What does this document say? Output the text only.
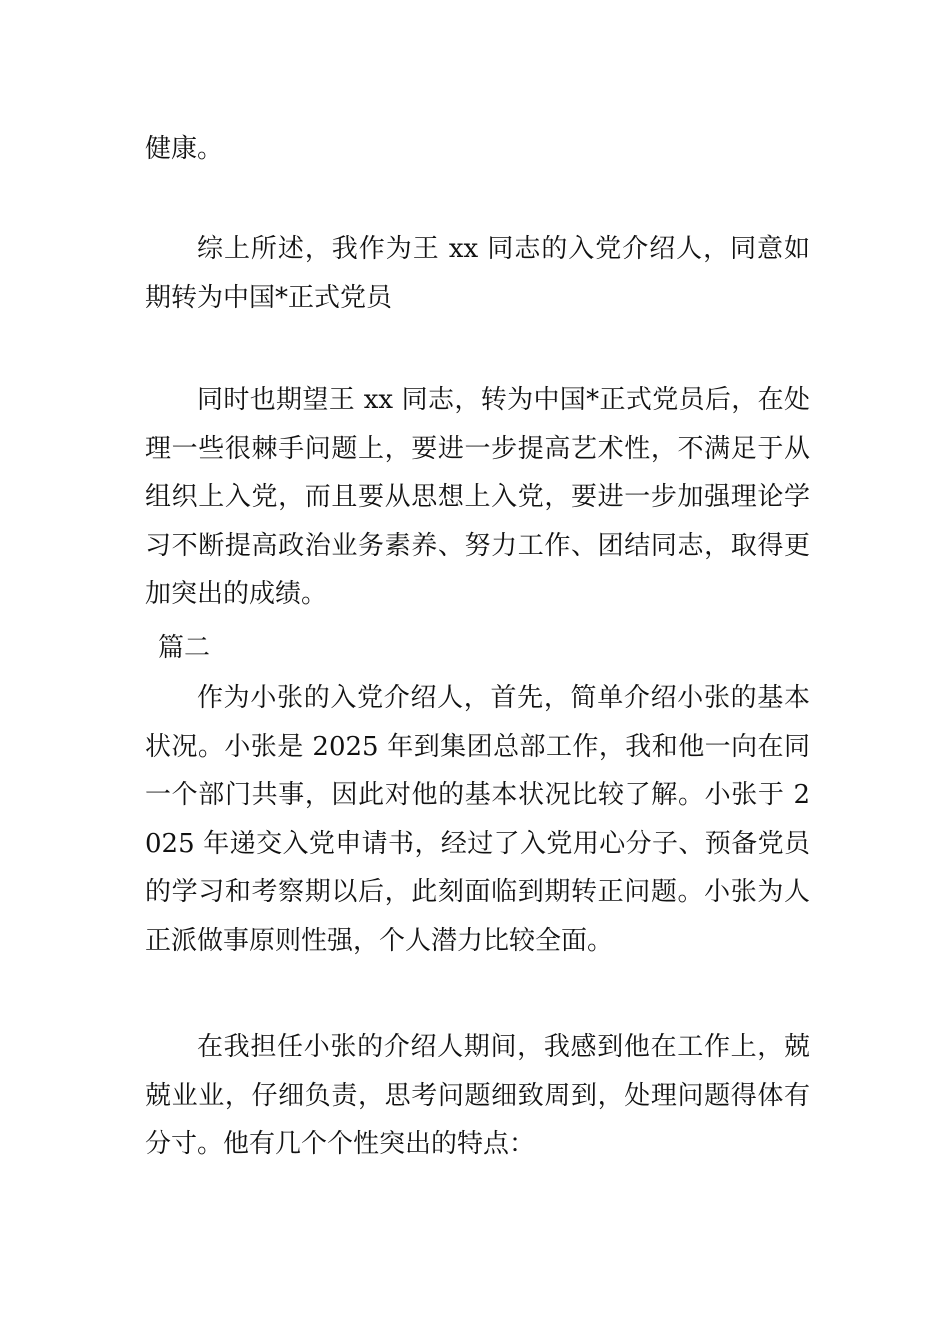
健康。

综上所述，我作为王 xx 同志的入党介绍人，同意如期转为中国*正式党员

同时也期望王 xx 同志，转为中国*正式党员后，在处理一些很棘手问题上，要进一步提高艺术性，不满足于从组织上入党，而且要从思想上入党，要进一步加强理论学习不断提高政治业务素养、努力工作、团结同志，取得更加突出的成绩。

篇二

作为小张的入党介绍人，首先，简单介绍小张的基本状况。小张是 2025 年到集团总部工作，我和他一向在同一个部门共事，因此对他的基本状况比较了解。小张于 2025 年递交入党申请书，经过了入党用心分子、预备党员的学习和考察期以后，此刻面临到期转正问题。小张为人正派做事原则性强，个人潜力比较全面。

在我担任小张的介绍人期间，我感到他在工作上，兢兢业业，仔细负责，思考问题细致周到，处理问题得体有分寸。他有几个个性突出的特点：
